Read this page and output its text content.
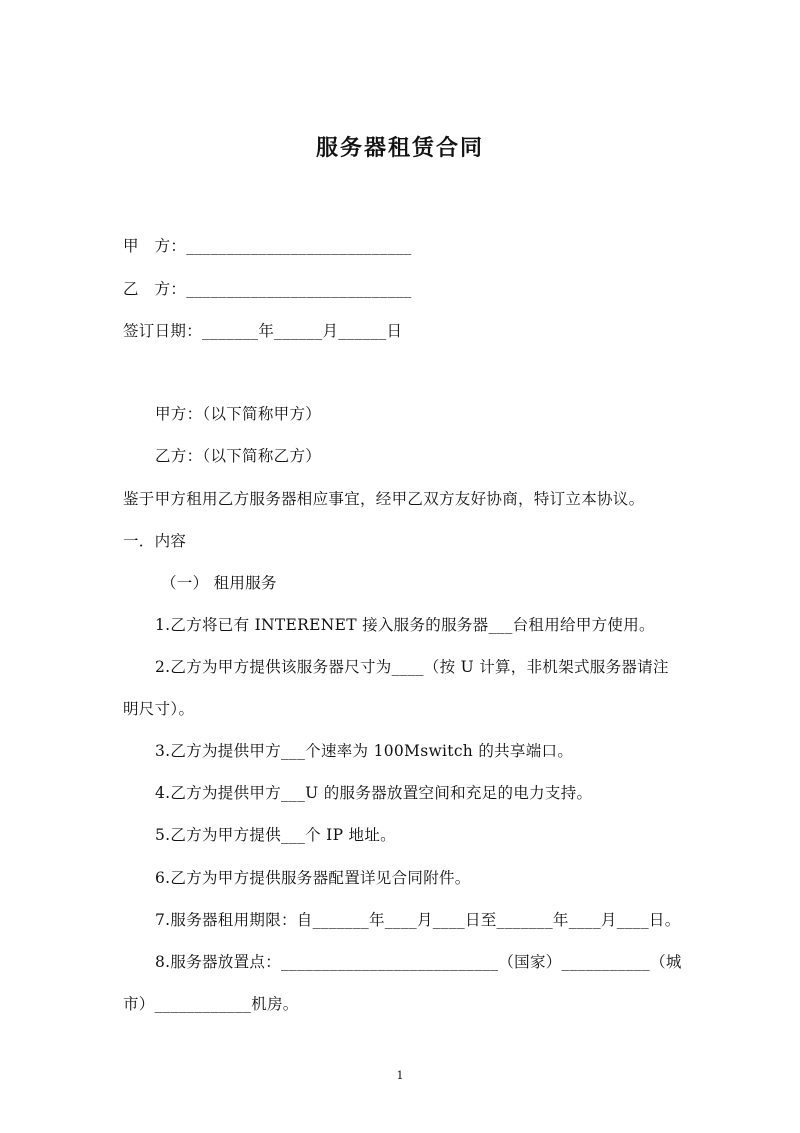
服务器租赁合同
甲　方：____________________________
乙　方：____________________________
签订日期：_______年______月______日
甲方：（以下简称甲方）
乙方：（以下简称乙方）
鉴于甲方租用乙方服务器相应事宜，经甲乙双方友好协商，特订立本协议。
一．内容
（一） 租用服务
1.乙方将已有 INTERENET 接入服务的服务器___台租用给甲方使用。
2.乙方为甲方提供该服务器尺寸为____（按 U 计算，非机架式服务器请注
明尺寸）。
3.乙方为提供甲方___个速率为 100Mswitch 的共享端口。
4.乙方为提供甲方___U 的服务器放置空间和充足的电力支持。
5.乙方为甲方提供___个 IP 地址。
6.乙方为甲方提供服务器配置详见合同附件。
7.服务器租用期限：自_______年____月____日至_______年____月____日。
8.服务器放置点：___________________________（国家）___________（城
市）____________机房。
1
